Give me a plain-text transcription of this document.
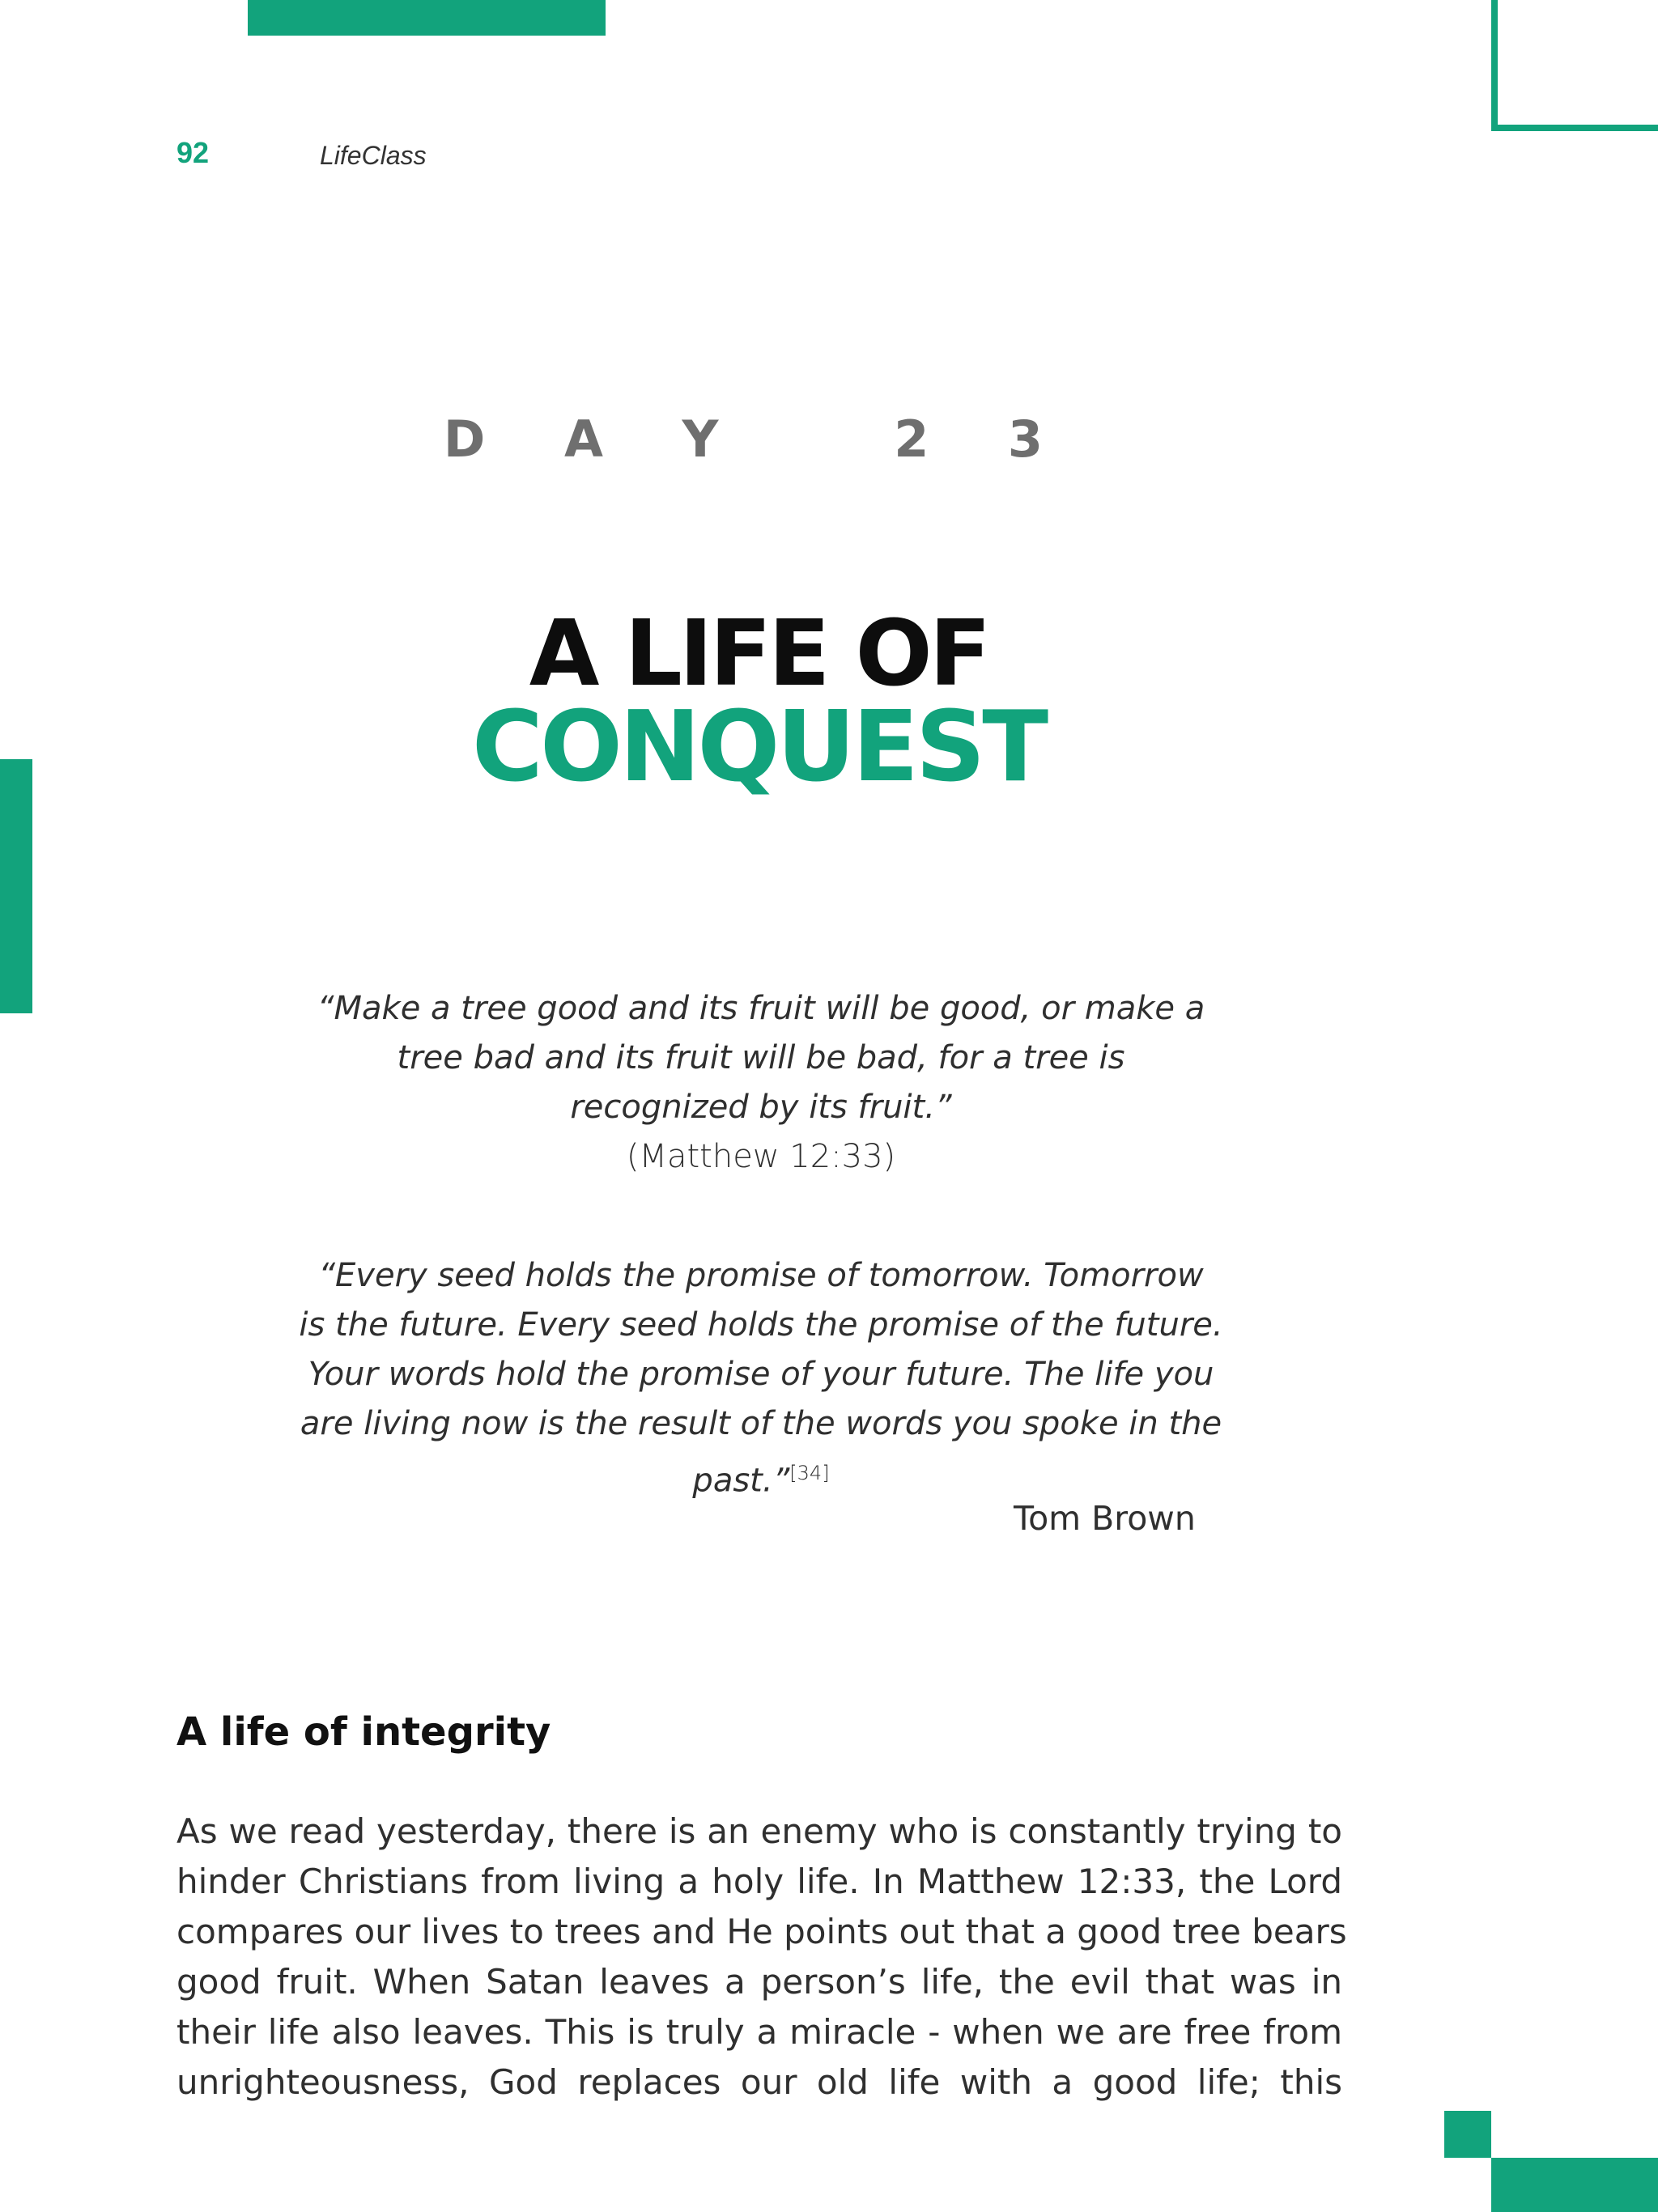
92	LifeClass
D A Y   2 3
A LIFE OF
CONQUEST
“Make a tree good and its fruit will be good, or make a
tree bad and its fruit will be bad, for a tree is
recognized by its fruit.”
(Matthew 12:33)
“Every seed holds the promise of tomorrow. Tomorrow
is the future. Every seed holds the promise of the future.
Your words hold the promise of your future. The life you
are living now is the result of the words you spoke in the
past.”[34]
Tom Brown
A life of integrity
As we read yesterday, there is an enemy who is constantly trying to
hinder Christians from living a holy life. In Matthew 12:33, the Lord
compares our lives to trees and He points out that a good tree bears
good fruit. When Satan leaves a person’s life, the evil that was in
their life also leaves. This is truly a miracle - when we are free from
unrighteousness, God replaces our old life with a good life; this
